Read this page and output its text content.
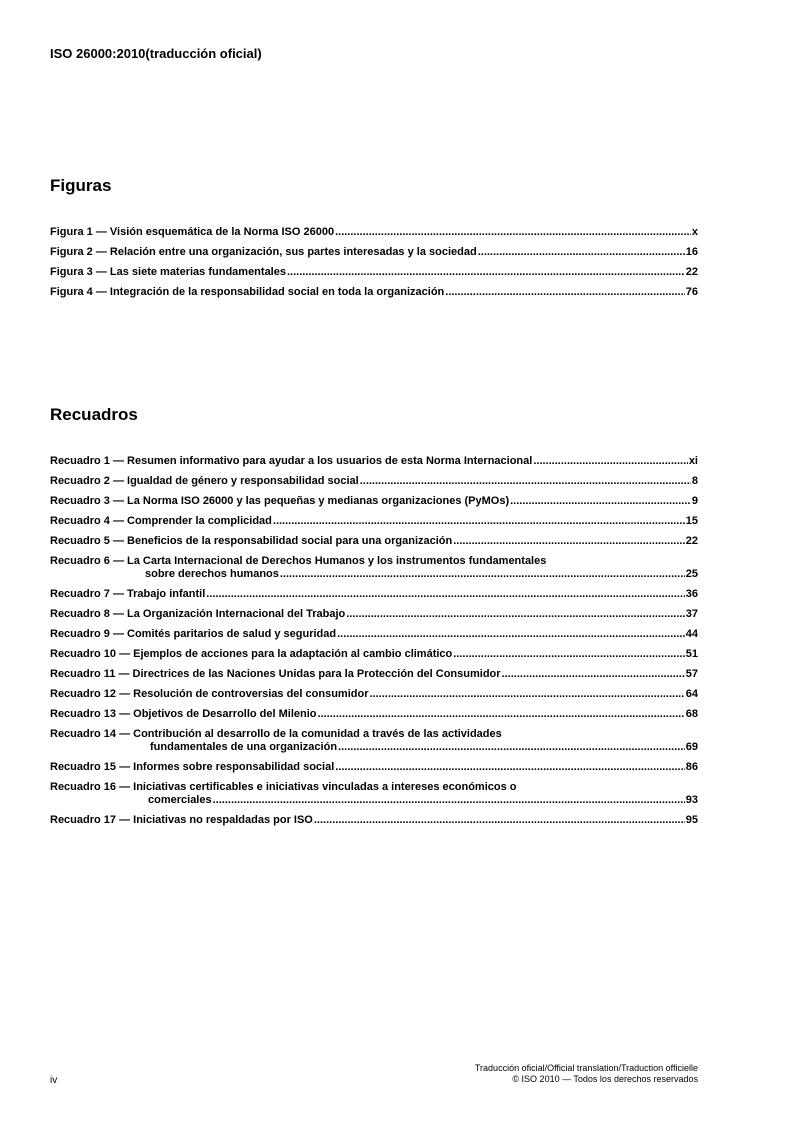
ISO 26000:2010(traducción oficial)
Figuras
Figura 1 — Visión esquemática de la Norma ISO 26000 .....	x
Figura 2 — Relación entre una organización, sus partes interesadas y la sociedad .....	16
Figura 3 — Las siete materias fundamentales .....	22
Figura 4 — Integración de la responsabilidad social en toda la organización .....	76
Recuadros
Recuadro 1 — Resumen informativo para ayudar a los usuarios de esta Norma Internacional .....	xi
Recuadro 2 — Igualdad de género y responsabilidad social .....	8
Recuadro 3 — La Norma ISO 26000 y las pequeñas y medianas organizaciones (PyMOs) .....	9
Recuadro 4 — Comprender la complicidad .....	15
Recuadro 5 — Beneficios de la responsabilidad social para una organización .....	22
Recuadro 6 — La Carta Internacional de Derechos Humanos y los instrumentos fundamentales
sobre derechos humanos .....	25
Recuadro 7 — Trabajo infantil .....	36
Recuadro 8 — La Organización Internacional del Trabajo .....	37
Recuadro 9 — Comités paritarios de salud y seguridad .....	44
Recuadro 10 — Ejemplos de acciones para la adaptación al cambio climático .....	51
Recuadro 11 — Directrices de las Naciones Unidas para la Protección del Consumidor .....	57
Recuadro 12 — Resolución de controversias del consumidor .....	64
Recuadro 13 — Objetivos de Desarrollo del Milenio .....	68
Recuadro 14 — Contribución al desarrollo de la comunidad a través de las actividades
fundamentales de una organización .....	69
Recuadro 15 — Informes sobre responsabilidad social .....	86
Recuadro 16 — Iniciativas certificables e iniciativas vinculadas a intereses económicos o
comerciales .....	93
Recuadro 17 — Iniciativas no respaldadas por ISO .....	95
Traducción oficial/Official translation/Traduction officielle
© ISO 2010 — Todos los derechos reservados
iv
